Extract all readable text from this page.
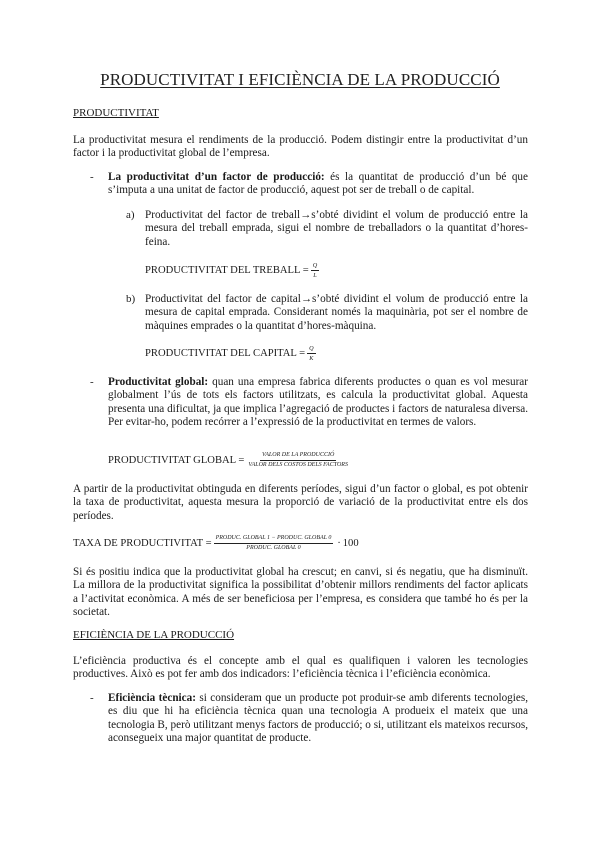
PRODUCTIVITAT I EFICIÈNCIA DE LA PRODUCCIÓ
PRODUCTIVITAT
La productivitat mesura el rendiments de la producció. Podem distingir entre la productivitat d’un factor i la productivitat global de l’empresa.
- La productivitat d’un factor de producció: és la quantitat de producció d’un bé que s’imputa a una unitat de factor de producció, aquest pot ser de treball o de capital.
a) Productivitat del factor de treball→s’obté dividint el volum de producció entre la mesura del treball emprada, sigui el nombre de treballadors o la quantitat d’hores-feina.
PRODUCTIVITAT DEL TREBALL = $\frac{Q}{L}$
b) Productivitat del factor de capital→s’obté dividint el volum de producció entre la mesura de capital emprada. Considerant només la maquinària, pot ser el nombre de màquines emprades o la quantitat d’hores-màquina.
PRODUCTIVITAT DEL CAPITAL = $\frac{Q}{K}$
- Productivitat global: quan una empresa fabrica diferents productes o quan es vol mesurar globalment l’ús de tots els factors utilitzats, es calcula la productivitat global. Aquesta presenta una dificultat, ja que implica l’agregació de productes i factors de naturalesa diversa. Per evitar-ho, podem recórrer a l’expressió de la productivitat en termes de valors.
PRODUCTIVITAT GLOBAL = $\frac{\text{VALOR DE LA PRODUCCIÓ}}{\text{VALOR DELS COSTOS DELS FACTORS}}$
A partir de la productivitat obtinguda en diferents períodes, sigui d’un factor o global, es pot obtenir la taxa de productivitat, aquesta mesura la proporció de variació de la productivitat entre els dos períodes.
TAXA DE PRODUCTIVITAT = $\frac{\text{PRODUC. GLOBAL 1 − PRODUC. GLOBAL 0}}{\text{PRODUC. GLOBAL 0}} \cdot 100$
Si és positiu indica que la productivitat global ha crescut; en canvi, si és negatiu, que ha disminuït. La millora de la productivitat significa la possibilitat d’obtenir millors rendiments del factor aplicats a l’activitat econòmica. A més de ser beneficiosa per l’empresa, es considera que també ho és per la societat.
EFICIÈNCIA DE LA PRODUCCIÓ
L’eficiència productiva és el concepte amb el qual es qualifiquen i valoren les tecnologies productives. Això es pot fer amb dos indicadors: l’eficiència tècnica i l’eficiència econòmica.
- Eficiència tècnica: si consideram que un producte pot produir-se amb diferents tecnologies, es diu que hi ha eficiència tècnica quan una tecnologia A produeix el mateix que una tecnologia B, però utilitzant menys factors de producció; o si, utilitzant els mateixos recursos, aconsegueix una major quantitat de producte.
